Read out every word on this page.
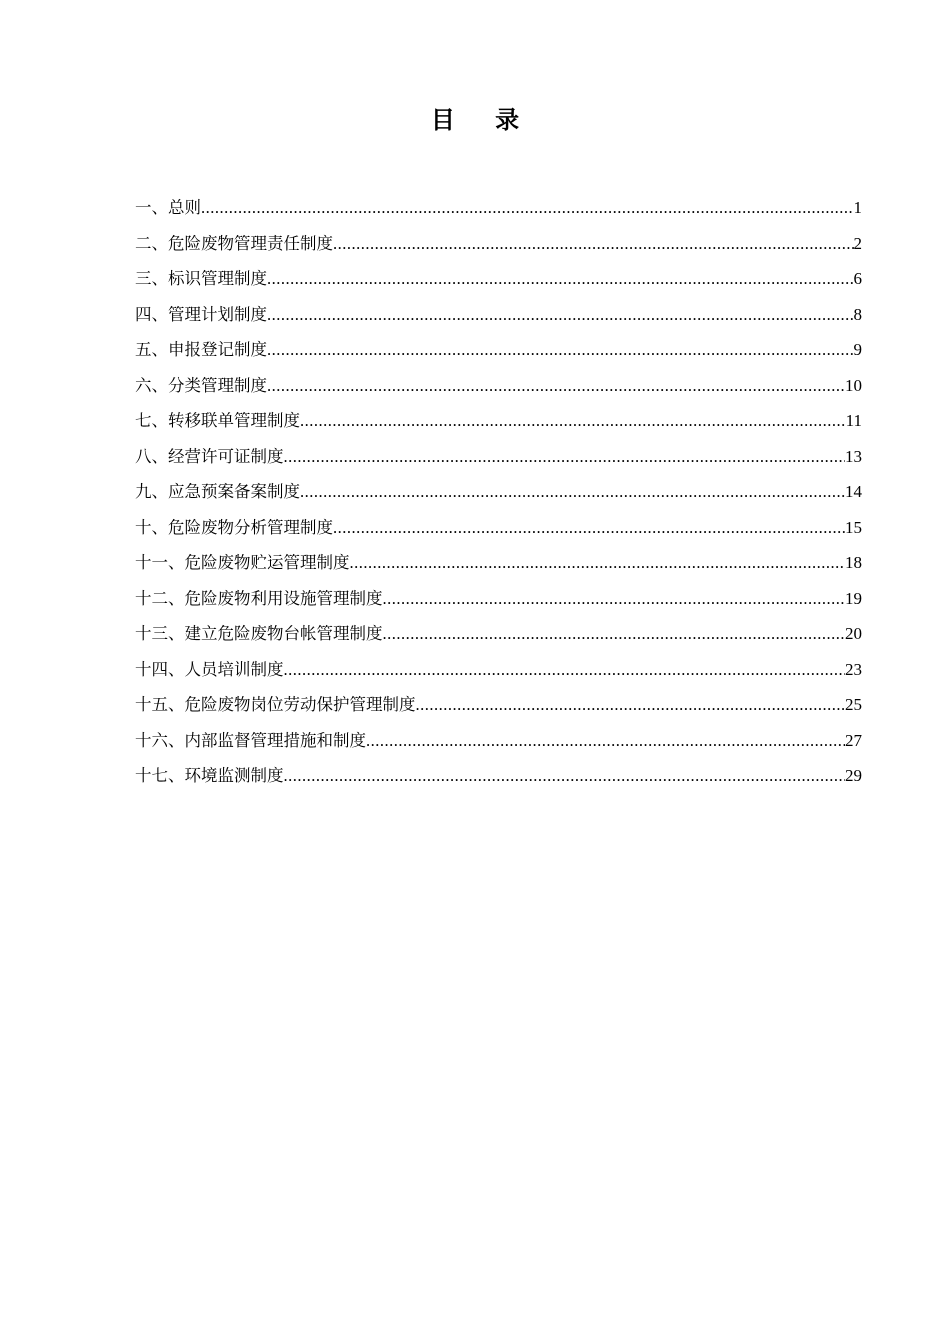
目 录
一、总则 .....	1
二、危险废物管理责任制度 .....	2
三、标识管理制度 .....	6
四、管理计划制度 .....	8
五、申报登记制度 .....	9
六、分类管理制度 .....	10
七、转移联单管理制度 .....	11
八、经营许可证制度 .....	13
九、应急预案备案制度 .....	14
十、危险废物分析管理制度 .....	15
十一、危险废物贮运管理制度 .....	18
十二、危险废物利用设施管理制度 .....	19
十三、建立危险废物台帐管理制度 .....	20
十四、人员培训制度 .....	23
十五、危险废物岗位劳动保护管理制度 .....	25
十六、内部监督管理措施和制度 .....	27
十七、环境监测制度 .....	29
